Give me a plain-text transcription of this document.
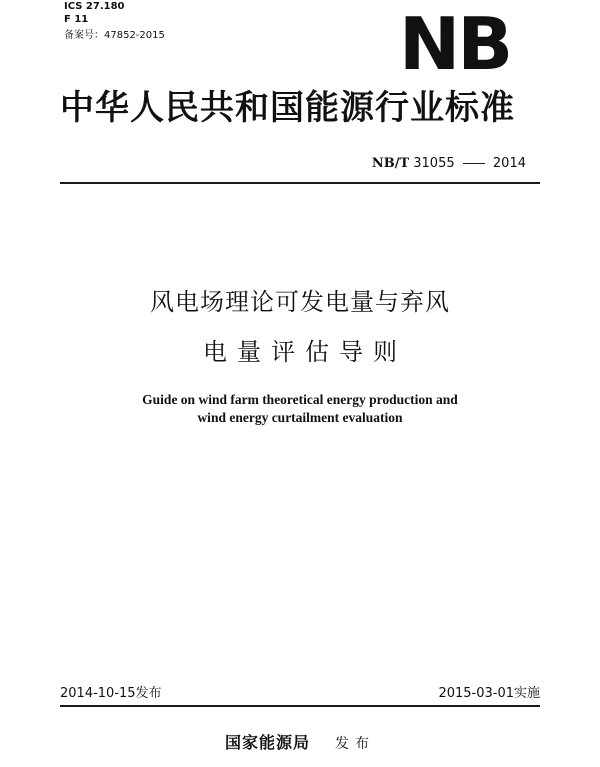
ICS 27.180
F 11
备案号：47852-2015	NB
中华人民共和国能源行业标准
NB/T 31055	2014
风电场理论可发电量与弃风
电量评估导则
Guide on wind farm theoretical energy production and
wind energy curtailment evaluation
2014-10-15发布	2015-03-01实施
国家能源局 发布
